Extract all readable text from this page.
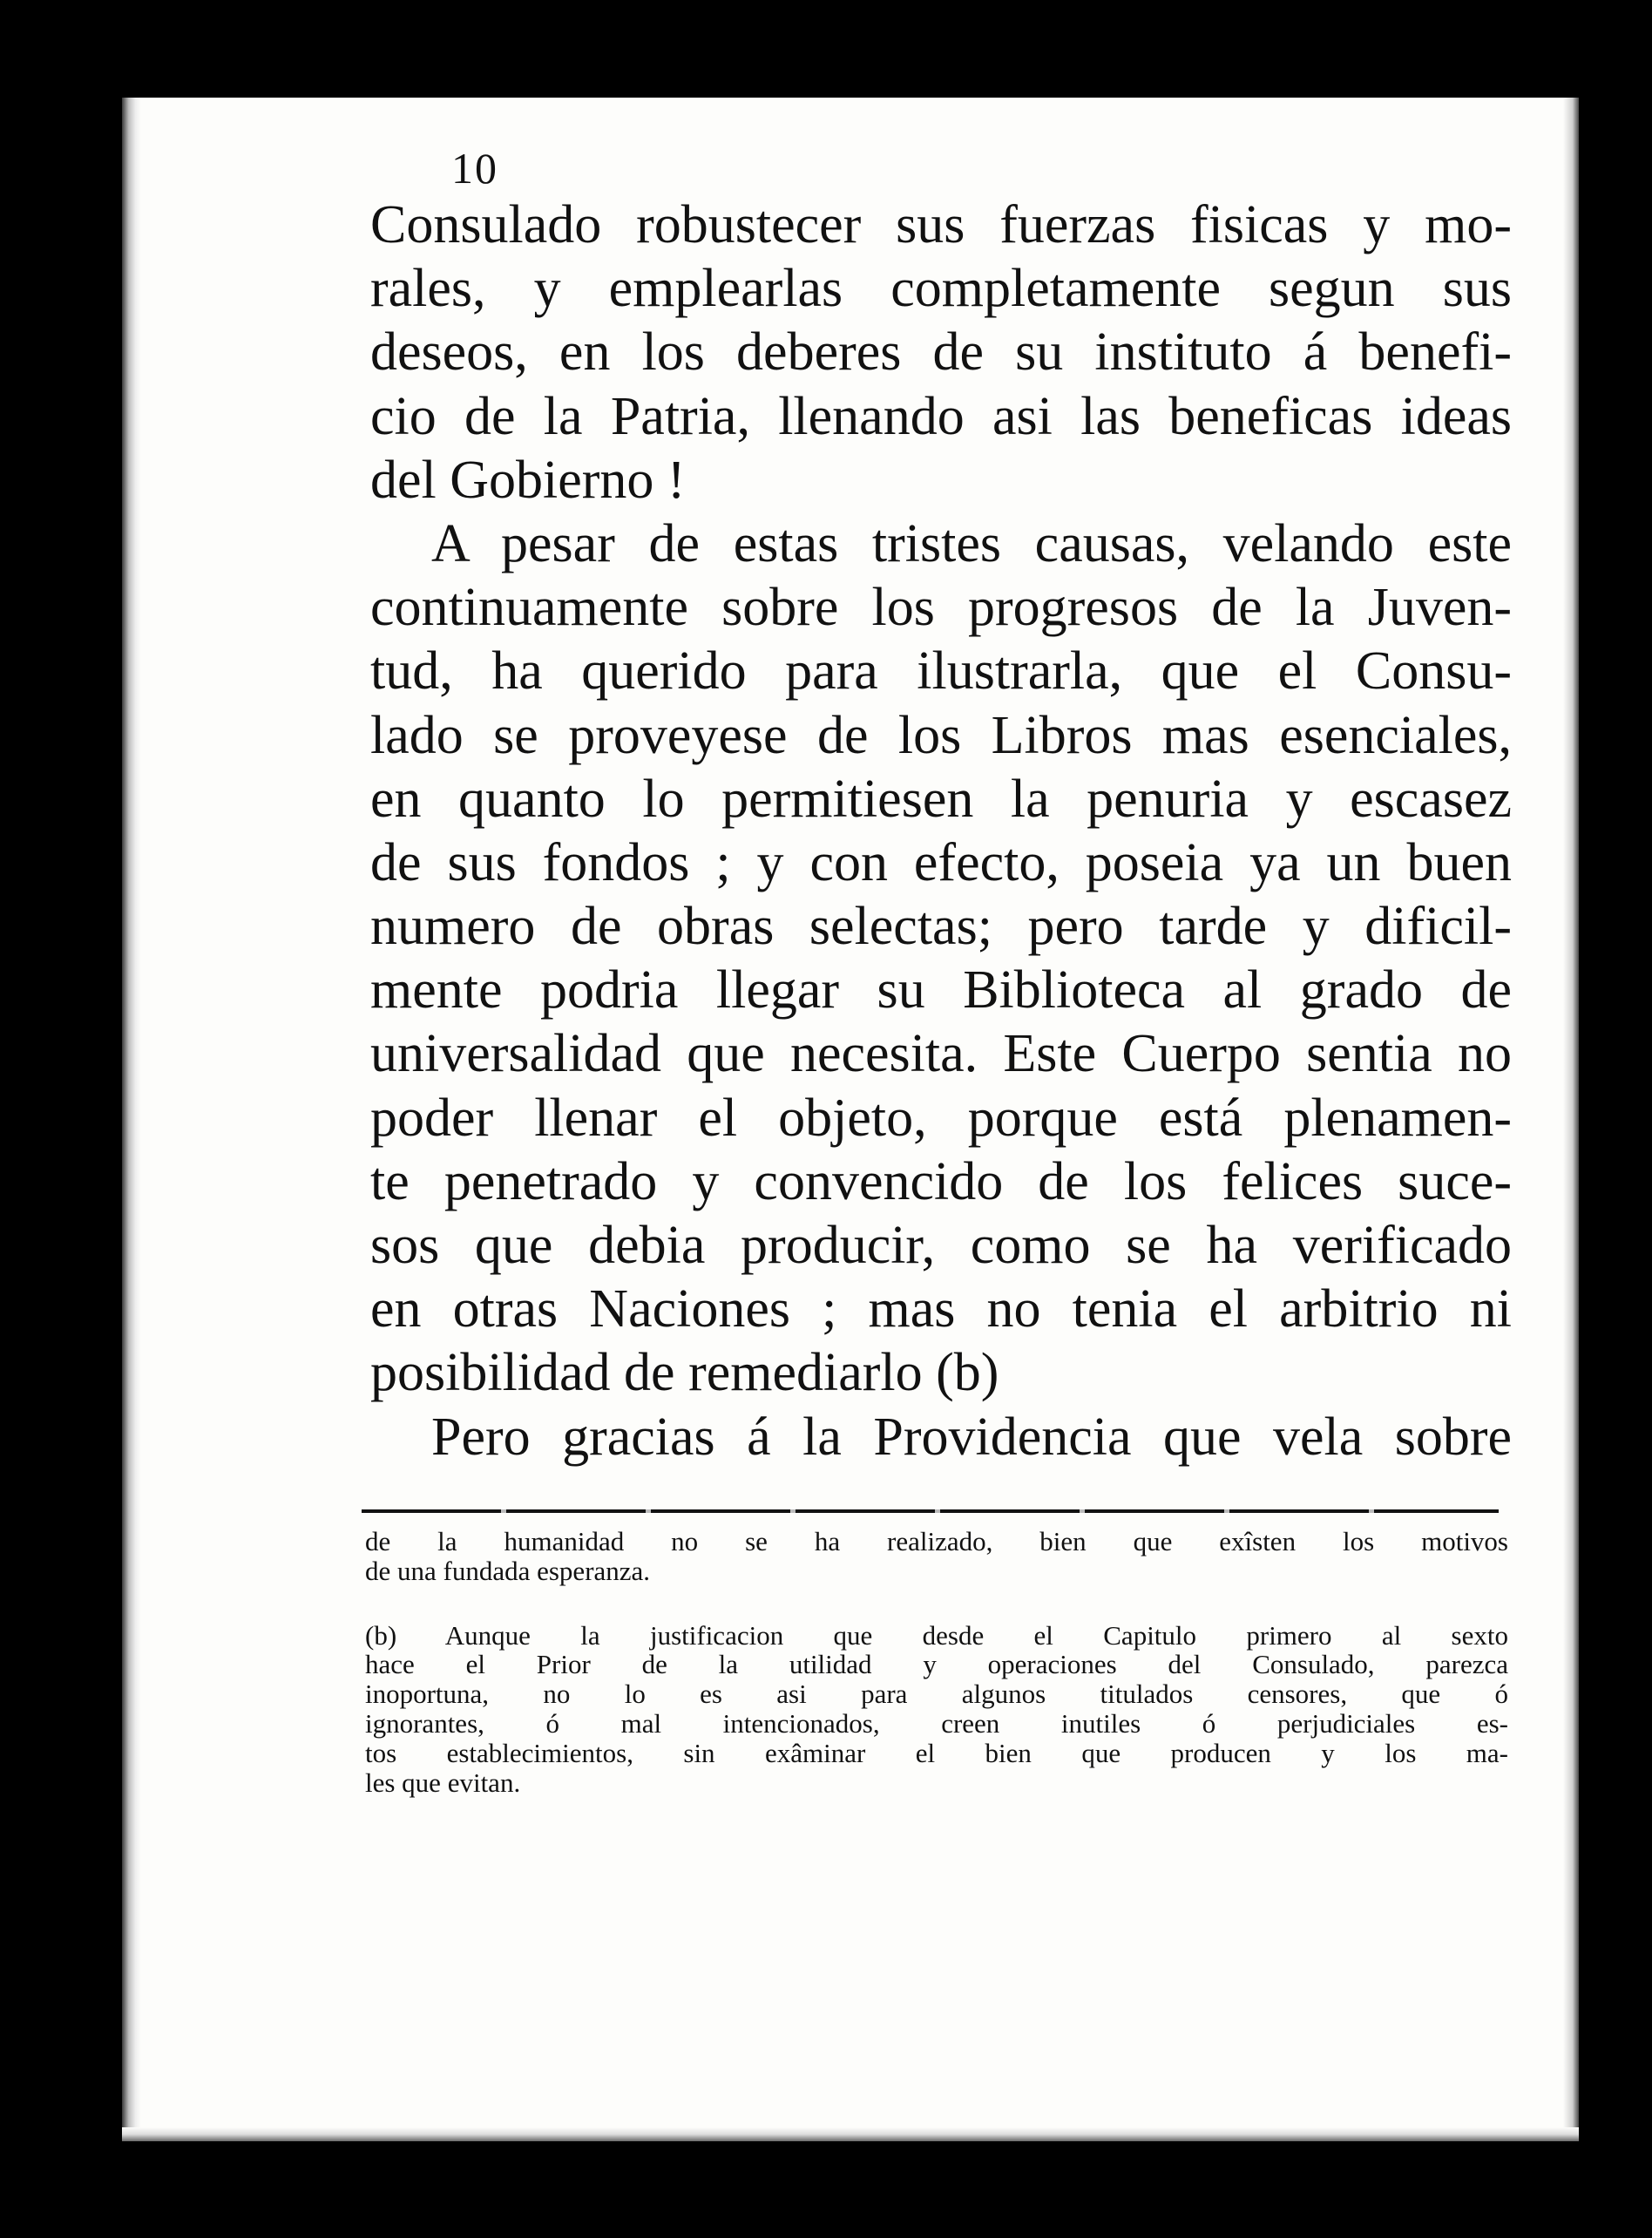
10

Consulado robustecer sus fuerzas fisicas y mo-
rales, y emplearlas completamente segun sus
deseos, en los deberes de su instituto á benefi-
cio de la Patria, llenando asi las beneficas ideas
del Gobierno !
A pesar de estas tristes causas, velando este
continuamente sobre los progresos de la Juven-
tud, ha querido para ilustrarla, que el Consu-
lado se proveyese de los Libros mas esenciales,
en quanto lo permitiesen la penuria y escasez
de sus fondos ; y con efecto, poseia ya un buen
numero de obras selectas; pero tarde y dificil-
mente podria llegar su Biblioteca al grado de
universalidad que necesita. Este Cuerpo sentia no
poder llenar el objeto, porque está plenamen-
te penetrado y convencido de los felices suce-
sos que debia producir, como se ha verificado
en otras Naciones ; mas no tenia el arbitrio ni
posibilidad de remediarlo (b)
Pero gracias á la Providencia que vela sobre
de la humanidad no se ha realizado, bien que exîsten los motivos
de una fundada esperanza.
(b) Aunque la justificacion que desde el Capitulo primero al sexto
hace el Prior de la utilidad y operaciones del Consulado, parezca
inoportuna, no lo es asi para algunos titulados censores, que ó
ignorantes, ó mal intencionados, creen inutiles ó perjudiciales es-
tos establecimientos, sin exâminar el bien que producen y los ma-
les que evitan.
